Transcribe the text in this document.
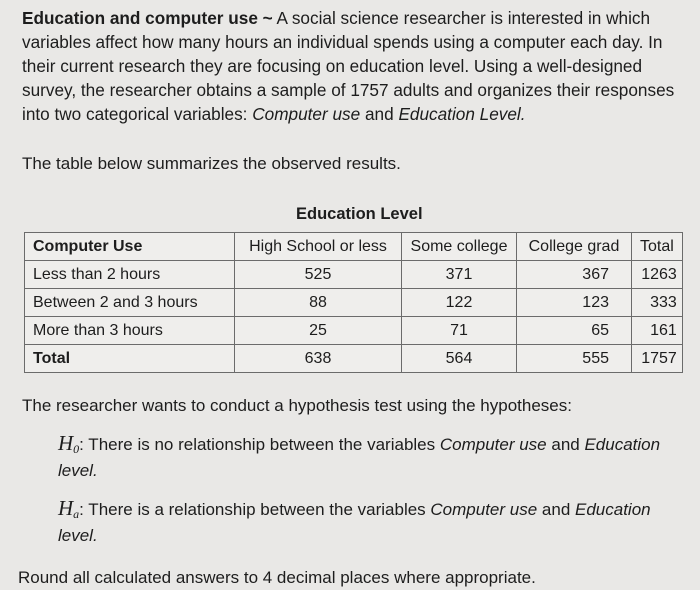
Education and computer use ~ A social science researcher is interested in which variables affect how many hours an individual spends using a computer each day. In their current research they are focusing on education level. Using a well-designed survey, the researcher obtains a sample of 1757 adults and organizes their responses into two categorical variables: Computer use and Education Level.
The table below summarizes the observed results.
Education Level
Computer Use	High School or less	Some college	College grad	Total
Less than 2 hours	525	371	367	1263
Between 2 and 3 hours	88	122	123	333
More than 3 hours	25	71	65	161
Total	638	564	555	1757
The researcher wants to conduct a hypothesis test using the hypotheses:
$H_0$: There is no relationship between the variables Computer use and Education level.
$H_a$: There is a relationship between the variables Computer use and Education level.
Round all calculated answers to 4 decimal places where appropriate.
